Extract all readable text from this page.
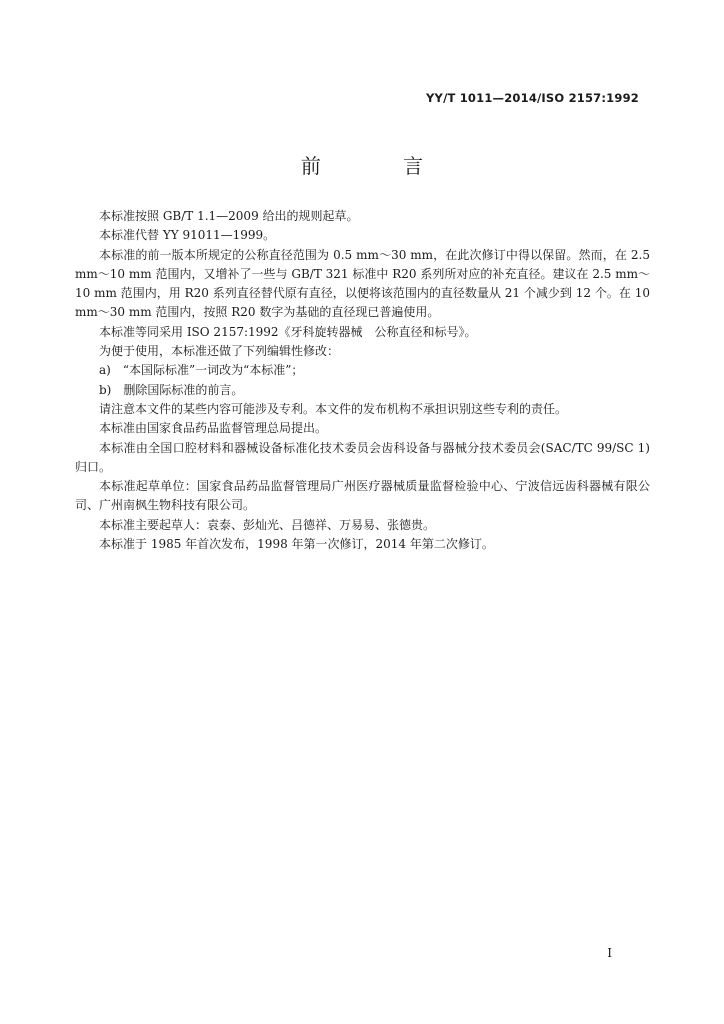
YY/T 1011—2014/ISO 2157:1992
前 言

本标准按照 GB/T 1.1—2009 给出的规则起草。

本标准代替 YY 91011—1999。

本标准的前一版本所规定的公称直径范围为 0.5 mm～30 mm，在此次修订中得以保留。然而，在 2.5 mm～10 mm 范围内，又增补了一些与 GB/T 321 标准中 R20 系列所对应的补充直径。建议在 2.5 mm～10 mm 范围内，用 R20 系列直径替代原有直径，以便将该范围内的直径数量从 21 个减少到 12 个。在 10 mm～30 mm 范围内，按照 R20 数字为基础的直径现已普遍使用。

本标准等同采用 ISO 2157:1992《牙科旋转器械　公称直径和标号》。

为便于使用，本标准还做了下列编辑性修改：

a)　“本国际标准”一词改为“本标准”；

b)　删除国际标准的前言。

请注意本文件的某些内容可能涉及专利。本文件的发布机构不承担识别这些专利的责任。

本标准由国家食品药品监督管理总局提出。

本标准由全国口腔材料和器械设备标准化技术委员会齿科设备与器械分技术委员会(SAC/TC 99/SC 1)归口。

本标准起草单位：国家食品药品监督管理局广州医疗器械质量监督检验中心、宁波信远齿科器械有限公司、广州南枫生物科技有限公司。

本标准主要起草人：袁泰、彭灿光、吕德祥、万易易、张德贵。

本标准于 1985 年首次发布，1998 年第一次修订，2014 年第二次修订。

I
